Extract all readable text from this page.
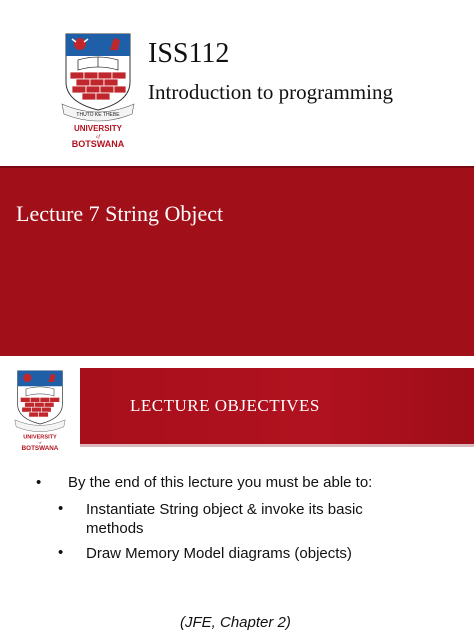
THUTO KE THEBE
UNIVERSITY
of
BOTSWANA
ISS112
Introduction to programming
Lecture 7 String Object
UNIVERSITY
of
BOTSWANA
LECTURE OBJECTIVES
• By the end of this lecture you must be able to:
• Instantiate String object & invoke its basic methods
• Draw Memory Model diagrams (objects)
(JFE, Chapter 2)
